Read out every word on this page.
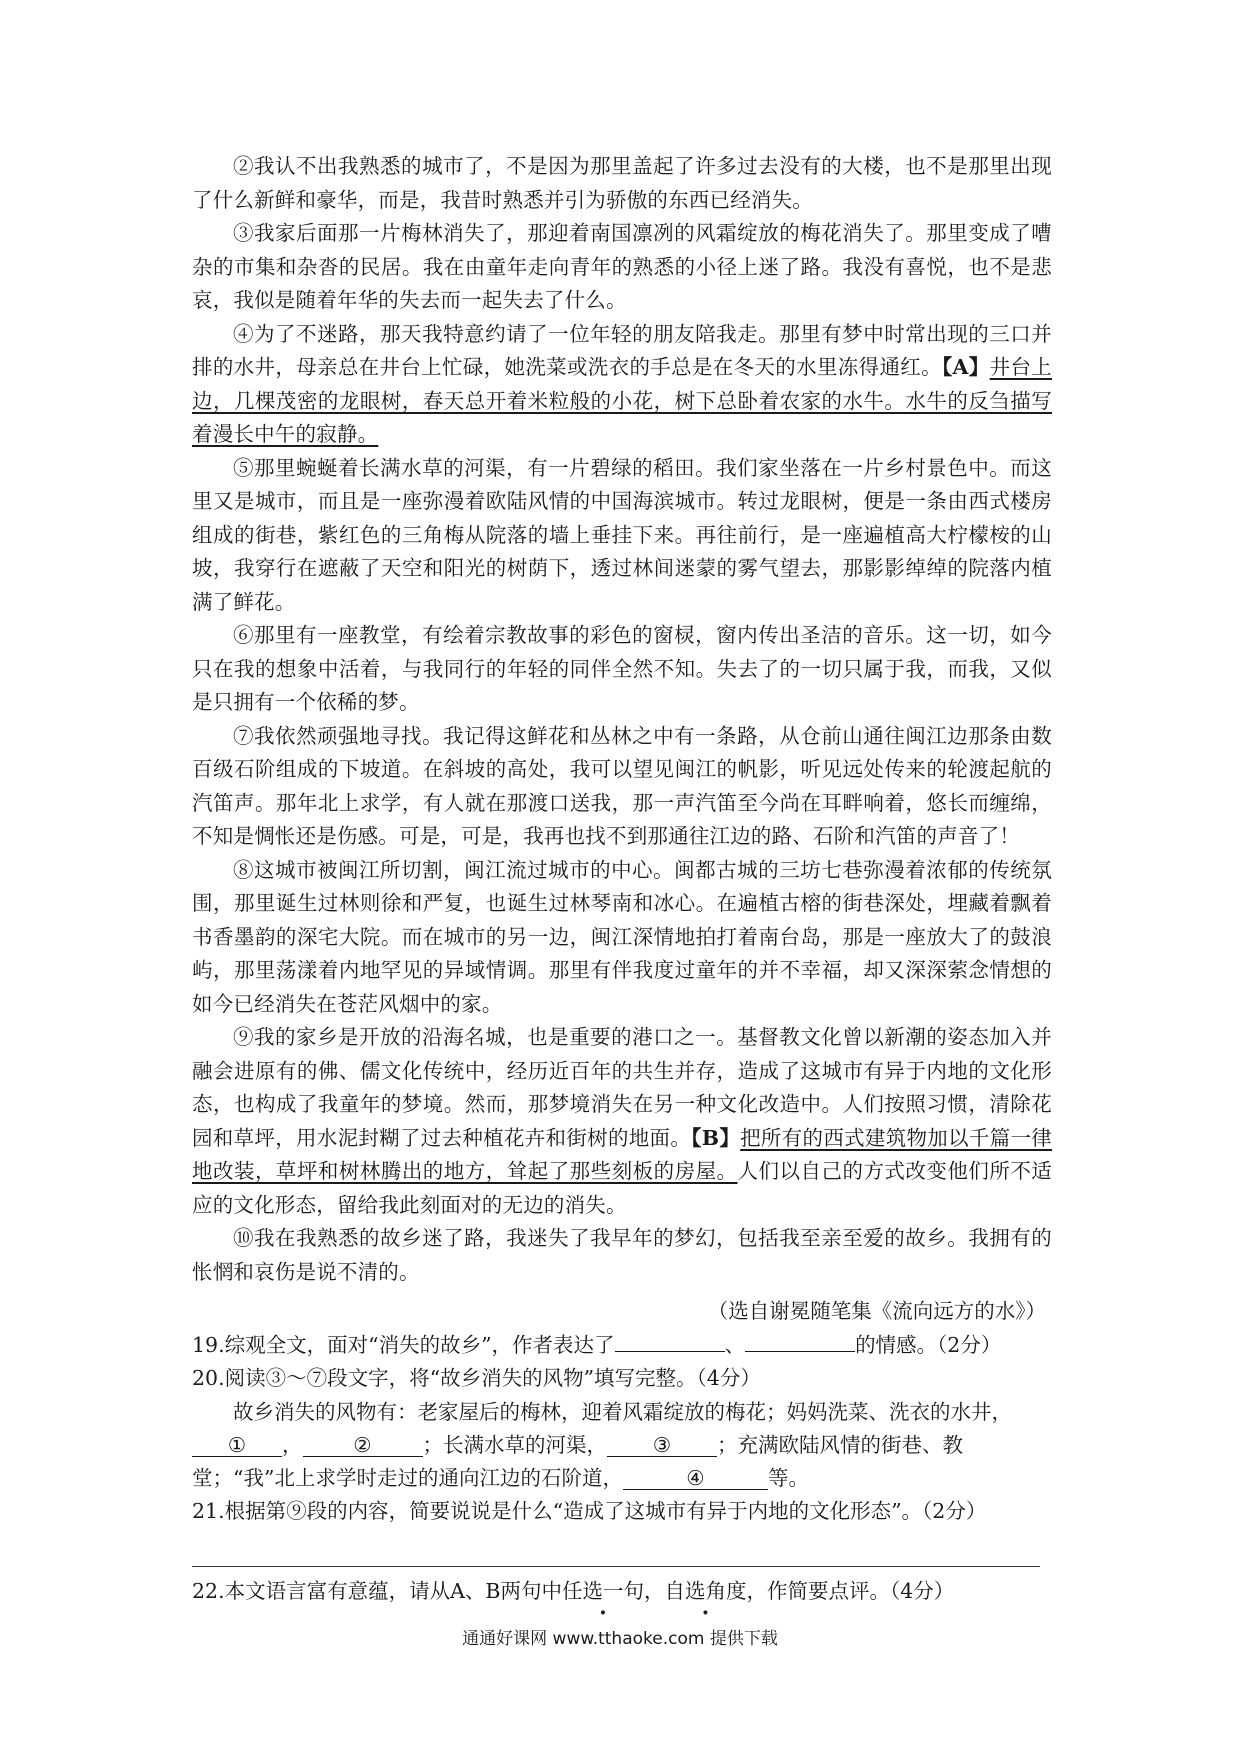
②我认不出我熟悉的城市了，不是因为那里盖起了许多过去没有的大楼，也不是那里出现了什么新鲜和豪华，而是，我昔时熟悉并引为骄傲的东西已经消失。

③我家后面那一片梅林消失了，那迎着南国凛冽的风霜绽放的梅花消失了。那里变成了嘈杂的市集和杂沓的民居。我在由童年走向青年的熟悉的小径上迷了路。我没有喜悦，也不是悲哀，我似是随着年华的失去而一起失去了什么。

④为了不迷路，那天我特意约请了一位年轻的朋友陪我走。那里有梦中时常出现的三口并排的水井，母亲总在井台上忙碌，她洗菜或洗衣的手总是在冬天的水里冻得通红。【A】井台上边，几棵茂密的龙眼树，春天总开着米粒般的小花，树下总卧着农家的水牛。水牛的反刍描写着漫长中午的寂静。

⑤那里蜿蜒着长满水草的河渠，有一片碧绿的稻田。我们家坐落在一片乡村景色中。而这里又是城市，而且是一座弥漫着欧陆风情的中国海滨城市。转过龙眼树，便是一条由西式楼房组成的街巷，紫红色的三角梅从院落的墙上垂挂下来。再往前行，是一座遍植高大柠檬桉的山坡，我穿行在遮蔽了天空和阳光的树荫下，透过林间迷蒙的雾气望去，那影影绰绰的院落内植满了鲜花。

⑥那里有一座教堂，有绘着宗教故事的彩色的窗棂，窗内传出圣洁的音乐。这一切，如今只在我的想象中活着，与我同行的年轻的同伴全然不知。失去了的一切只属于我，而我，又似是只拥有一个依稀的梦。

⑦我依然顽强地寻找。我记得这鲜花和丛林之中有一条路，从仓前山通往闽江边那条由数百级石阶组成的下坡道。在斜坡的高处，我可以望见闽江的帆影，听见远处传来的轮渡起航的汽笛声。那年北上求学，有人就在那渡口送我，那一声汽笛至今尚在耳畔响着，悠长而缠绵，不知是惆怅还是伤感。可是，可是，我再也找不到那通往江边的路、石阶和汽笛的声音了！

⑧这城市被闽江所切割，闽江流过城市的中心。闽都古城的三坊七巷弥漫着浓郁的传统氛围，那里诞生过林则徐和严复，也诞生过林琴南和冰心。在遍植古榕的街巷深处，埋藏着飘着书香墨韵的深宅大院。而在城市的另一边，闽江深情地拍打着南台岛，那是一座放大了的鼓浪屿，那里荡漾着内地罕见的异域情调。那里有伴我度过童年的并不幸福，却又深深萦念情想的如今已经消失在苍茫风烟中的家。

⑨我的家乡是开放的沿海名城，也是重要的港口之一。基督教文化曾以新潮的姿态加入并融会进原有的佛、儒文化传统中，经历近百年的共生并存，造成了这城市有异于内地的文化形态，也构成了我童年的梦境。然而，那梦境消失在另一种文化改造中。人们按照习惯，清除花园和草坪，用水泥封糊了过去种植花卉和街树的地面。【B】把所有的西式建筑物加以千篇一律地改装，草坪和树林腾出的地方，耸起了那些刻板的房屋。人们以自己的方式改变他们所不适应的文化形态，留给我此刻面对的无边的消失。

⑩我在我熟悉的故乡迷了路，我迷失了我早年的梦幻，包括我至亲至爱的故乡。我拥有的怅惘和哀伤是说不清的。

（选自谢冕随笔集《流向远方的水》）

19.综观全文，面对“消失的故乡”，作者表达了	、	的情感。（2分）

20.阅读③～⑦段文字，将“故乡消失的风物”填写完整。（4分）

故乡消失的风物有：老家屋后的梅林，迎着风霜绽放的梅花；妈妈洗菜、洗衣的水井，① ， ② ；长满水草的河渠， ③ ；充满欧陆风情的街巷、教堂；“我”北上求学时走过的通向江边的石阶道，	④	等。

21.根据第⑨段的内容，简要说说是什么“造成了这城市有异于内地的文化形态”。（2分）

22.本文语言富有意蕴，请从A、B两句中任选一句，自选角度，作简要点评。（4分）

通通好课网 www.tthaoke.com 提供下载
